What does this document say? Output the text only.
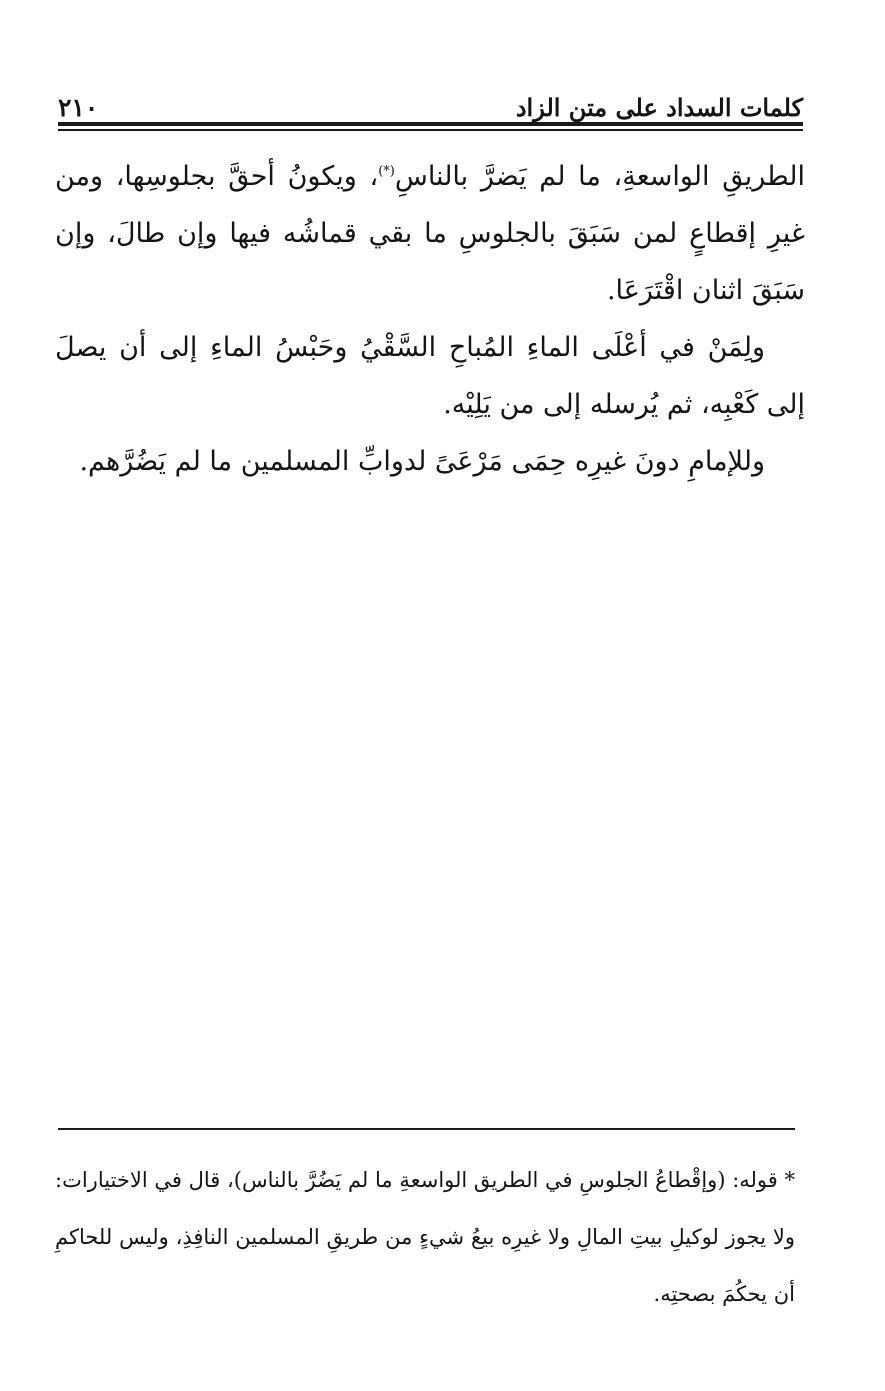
كلمات السداد على متن الزاد
٢١٠

الطريقِ الواسعةِ، ما لم يَضرَّ بالناسِ(*)، ويكونُ أحقَّ بجلوسِها، ومن غيرِ إقطاعٍ لمن سَبَقَ بالجلوسِ ما بقي قماشُه فيها وإن طالَ، وإن سَبَقَ اثنان اقْتَرَعَا.

ولِمَنْ في أعْلَى الماءِ المُباحِ السَّقْيُ وحَبْسُ الماءِ إلى أن يصلَ إلى كَعْبِه، ثم يُرسله إلى من يَلِيْه.

وللإمامِ دونَ غيرِه حِمَى مَرْعَىً لدوابِّ المسلمين ما لم يَضُرَّهم.

* قوله: (وإقْطاعُ الجلوسِ في الطريق الواسعةِ ما لم يَضُرَّ بالناس)، قال في الاختيارات: ولا يجوز لوكيلِ بيتِ المالِ ولا غيرِه بيعُ شيءٍ من طريقِ المسلمين النافِذِ، وليس للحاكمِ أن يحكُمَ بصحتِه.
